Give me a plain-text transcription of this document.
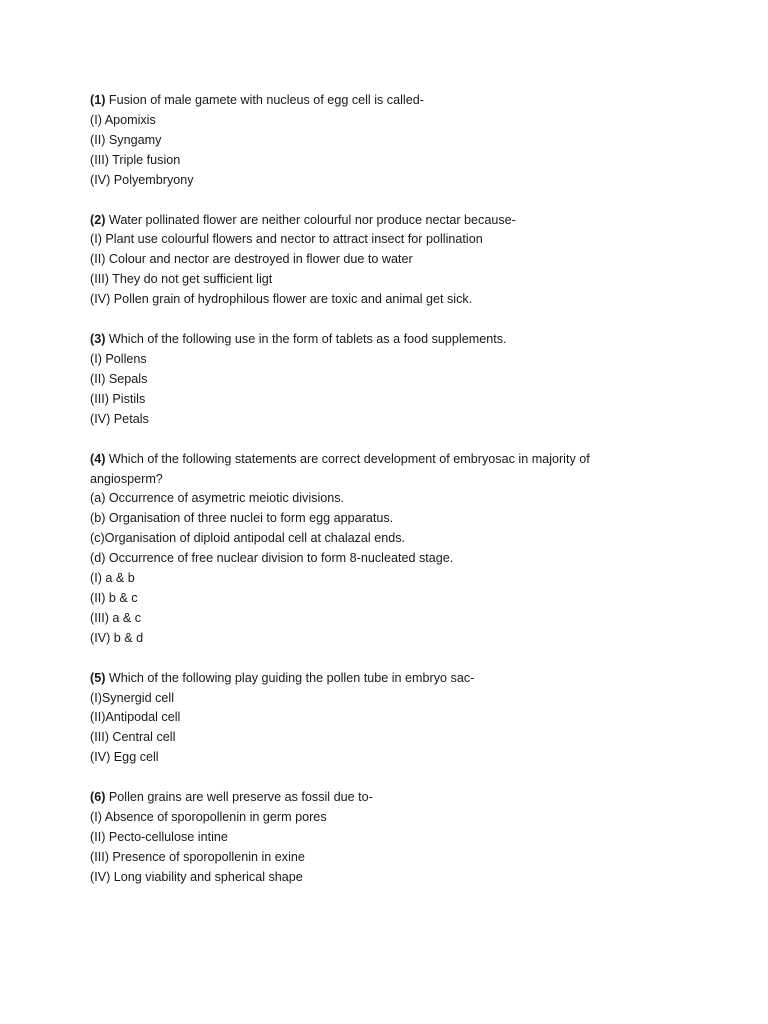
(1) Fusion of male gamete with nucleus of egg cell is called-
(I) Apomixis
(II) Syngamy
(III) Triple fusion
(IV) Polyembryony
(2) Water pollinated flower are neither colourful nor produce nectar because-
(I) Plant use colourful flowers and nector to attract insect for pollination
(II) Colour and nector are destroyed in flower due to water
(III) They do not get sufficient ligt
(IV) Pollen grain of hydrophilous flower are toxic and animal get sick.
(3) Which of the following use in the form of tablets as a food supplements.
(I) Pollens
(II) Sepals
(III) Pistils
(IV) Petals
(4) Which of the following statements are correct development of embryosac in majority of
angiosperm?
(a) Occurrence of asymetric meiotic divisions.
(b) Organisation of three nuclei to form egg apparatus.
(c)Organisation of diploid antipodal cell at chalazal ends.
(d) Occurrence of free nuclear division to form 8-nucleated stage.
(I) a & b
(II) b & c
(III) a & c
(IV) b & d
(5) Which of the following play guiding the pollen tube in embryo sac-
(I)Synergid cell
(II)Antipodal cell
(III) Central cell
(IV) Egg cell
(6) Pollen grains are well preserve as fossil due to-
(I) Absence of sporopollenin in germ pores
(II) Pecto-cellulose intine
(III) Presence of sporopollenin in exine
(IV) Long viability and spherical shape
